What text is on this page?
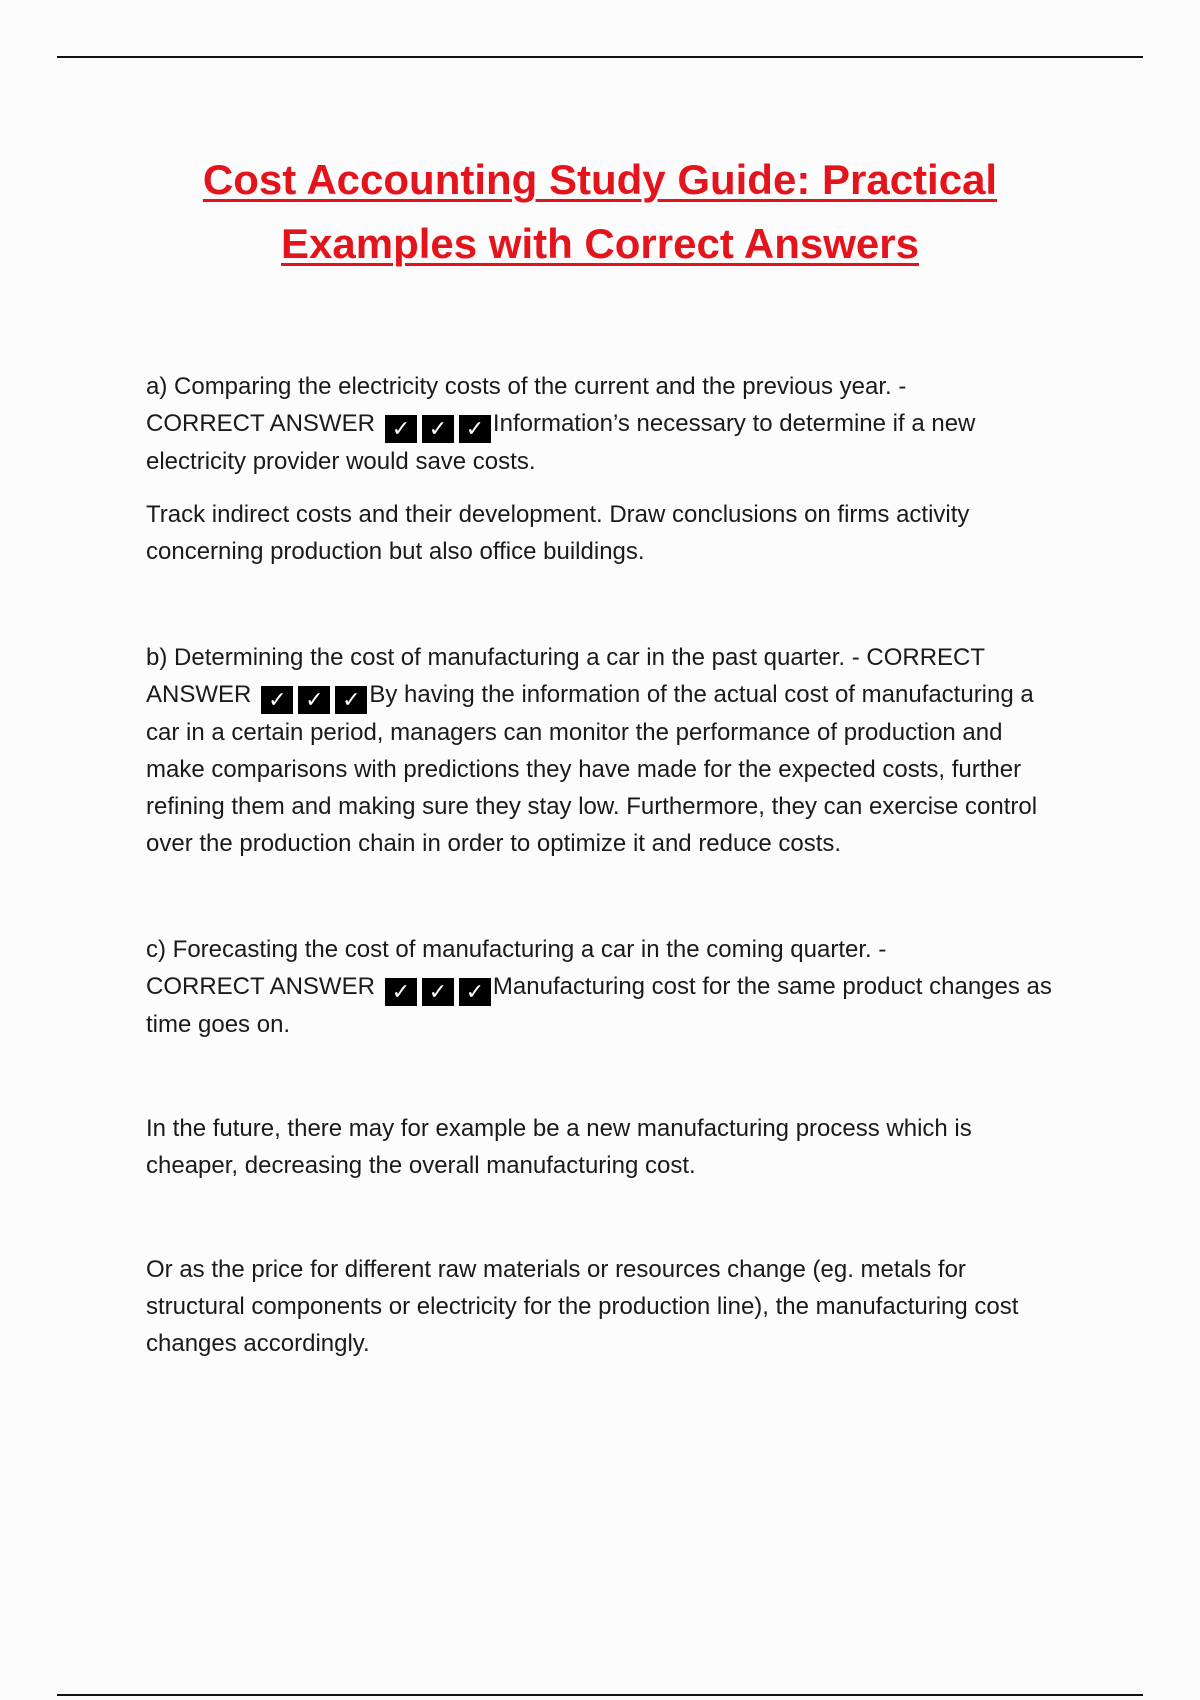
Cost Accounting Study Guide: Practical
Examples with Correct Answers

a) Comparing the electricity costs of the current and the previous year. -
CORRECT ANSWER ✓ ✓ ✓ Information’s necessary to determine if a new electricity provider would save costs.

Track indirect costs and their development. Draw conclusions on firms activity concerning production but also office buildings.

b) Determining the cost of manufacturing a car in the past quarter. - CORRECT
ANSWER ✓ ✓ ✓ By having the information of the actual cost of manufacturing a car in a certain period, managers can monitor the performance of production and make comparisons with predictions they have made for the expected costs, further refining them and making sure they stay low. Furthermore, they can exercise control over the production chain in order to optimize it and reduce costs.

c) Forecasting the cost of manufacturing a car in the coming quarter. -
CORRECT ANSWER ✓ ✓ ✓ Manufacturing cost for the same product changes as time goes on.

In the future, there may for example be a new manufacturing process which is cheaper, decreasing the overall manufacturing cost.

Or as the price for different raw materials or resources change (eg. metals for structural components or electricity for the production line), the manufacturing cost changes accordingly.
